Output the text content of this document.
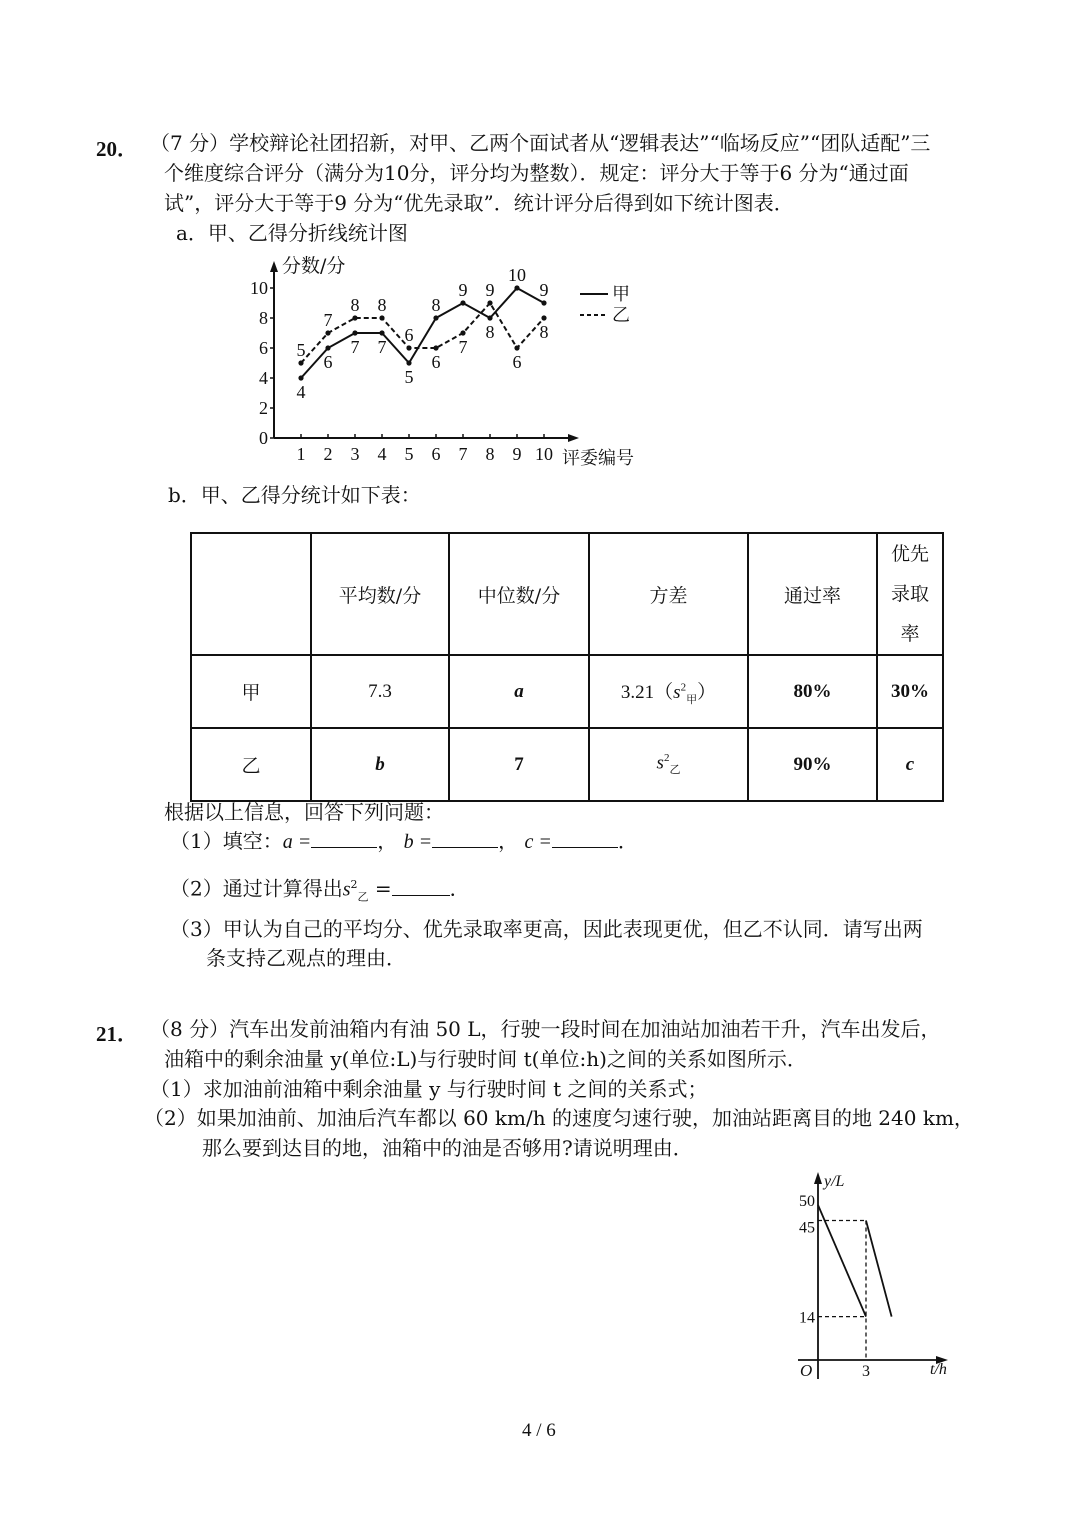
20． （7 分）学校辩论社团招新，对甲、乙两个面试者从“逻辑表达”“临场反应”“团队适配”三
个维度综合评分（满分为10分，评分均为整数）．规定：评分大于等于6 分为“通过面
试”，评分大于等于9 分为“优先录取”．统计评分后得到如下统计图表．
a．甲、乙得分折线统计图
0
2
4
6
8
10
1 2 3 4 5 6 7 8 9 10
4
6
7 7
5
8
9
8
10
9
5
7
8 8
6
6
7
9
6
8
分数/分
评委编号
甲
乙
b．甲、乙得分统计如下表：
	平均数/分	中位数/分	方差	通过率	优先录取
率

甲	7.3	a	$3.21(s^2_甲)$	80%	30%
乙	b	7	$s^2_乙$	90%	c
根据以上信息，回答下列问题：
（1）填空：a =	， b =	， c =	．
（2）通过计算得出$s^2_乙$ =	．
（3）甲认为自己的平均分、优先录取率更高，因此表现更优，但乙不认同．请写出两
条支持乙观点的理由．
21． （8 分）汽车出发前油箱内有油 50 L，行驶一段时间在加油站加油若干升，汽车出发后，
油箱中的剩余油量 y(单位:L)与行驶时间 t(单位:h)之间的关系如图所示．
（1）求加油前油箱中剩余油量 y 与行驶时间 t 之间的关系式；
（2）如果加油前、加油后汽车都以 60 km/h 的速度匀速行驶，加油站距离目的地 240 km，
那么要到达目的地，油箱中的油是否够用?请说明理由．
14
45
50
3
y/L
t/h
O
4 / 6
